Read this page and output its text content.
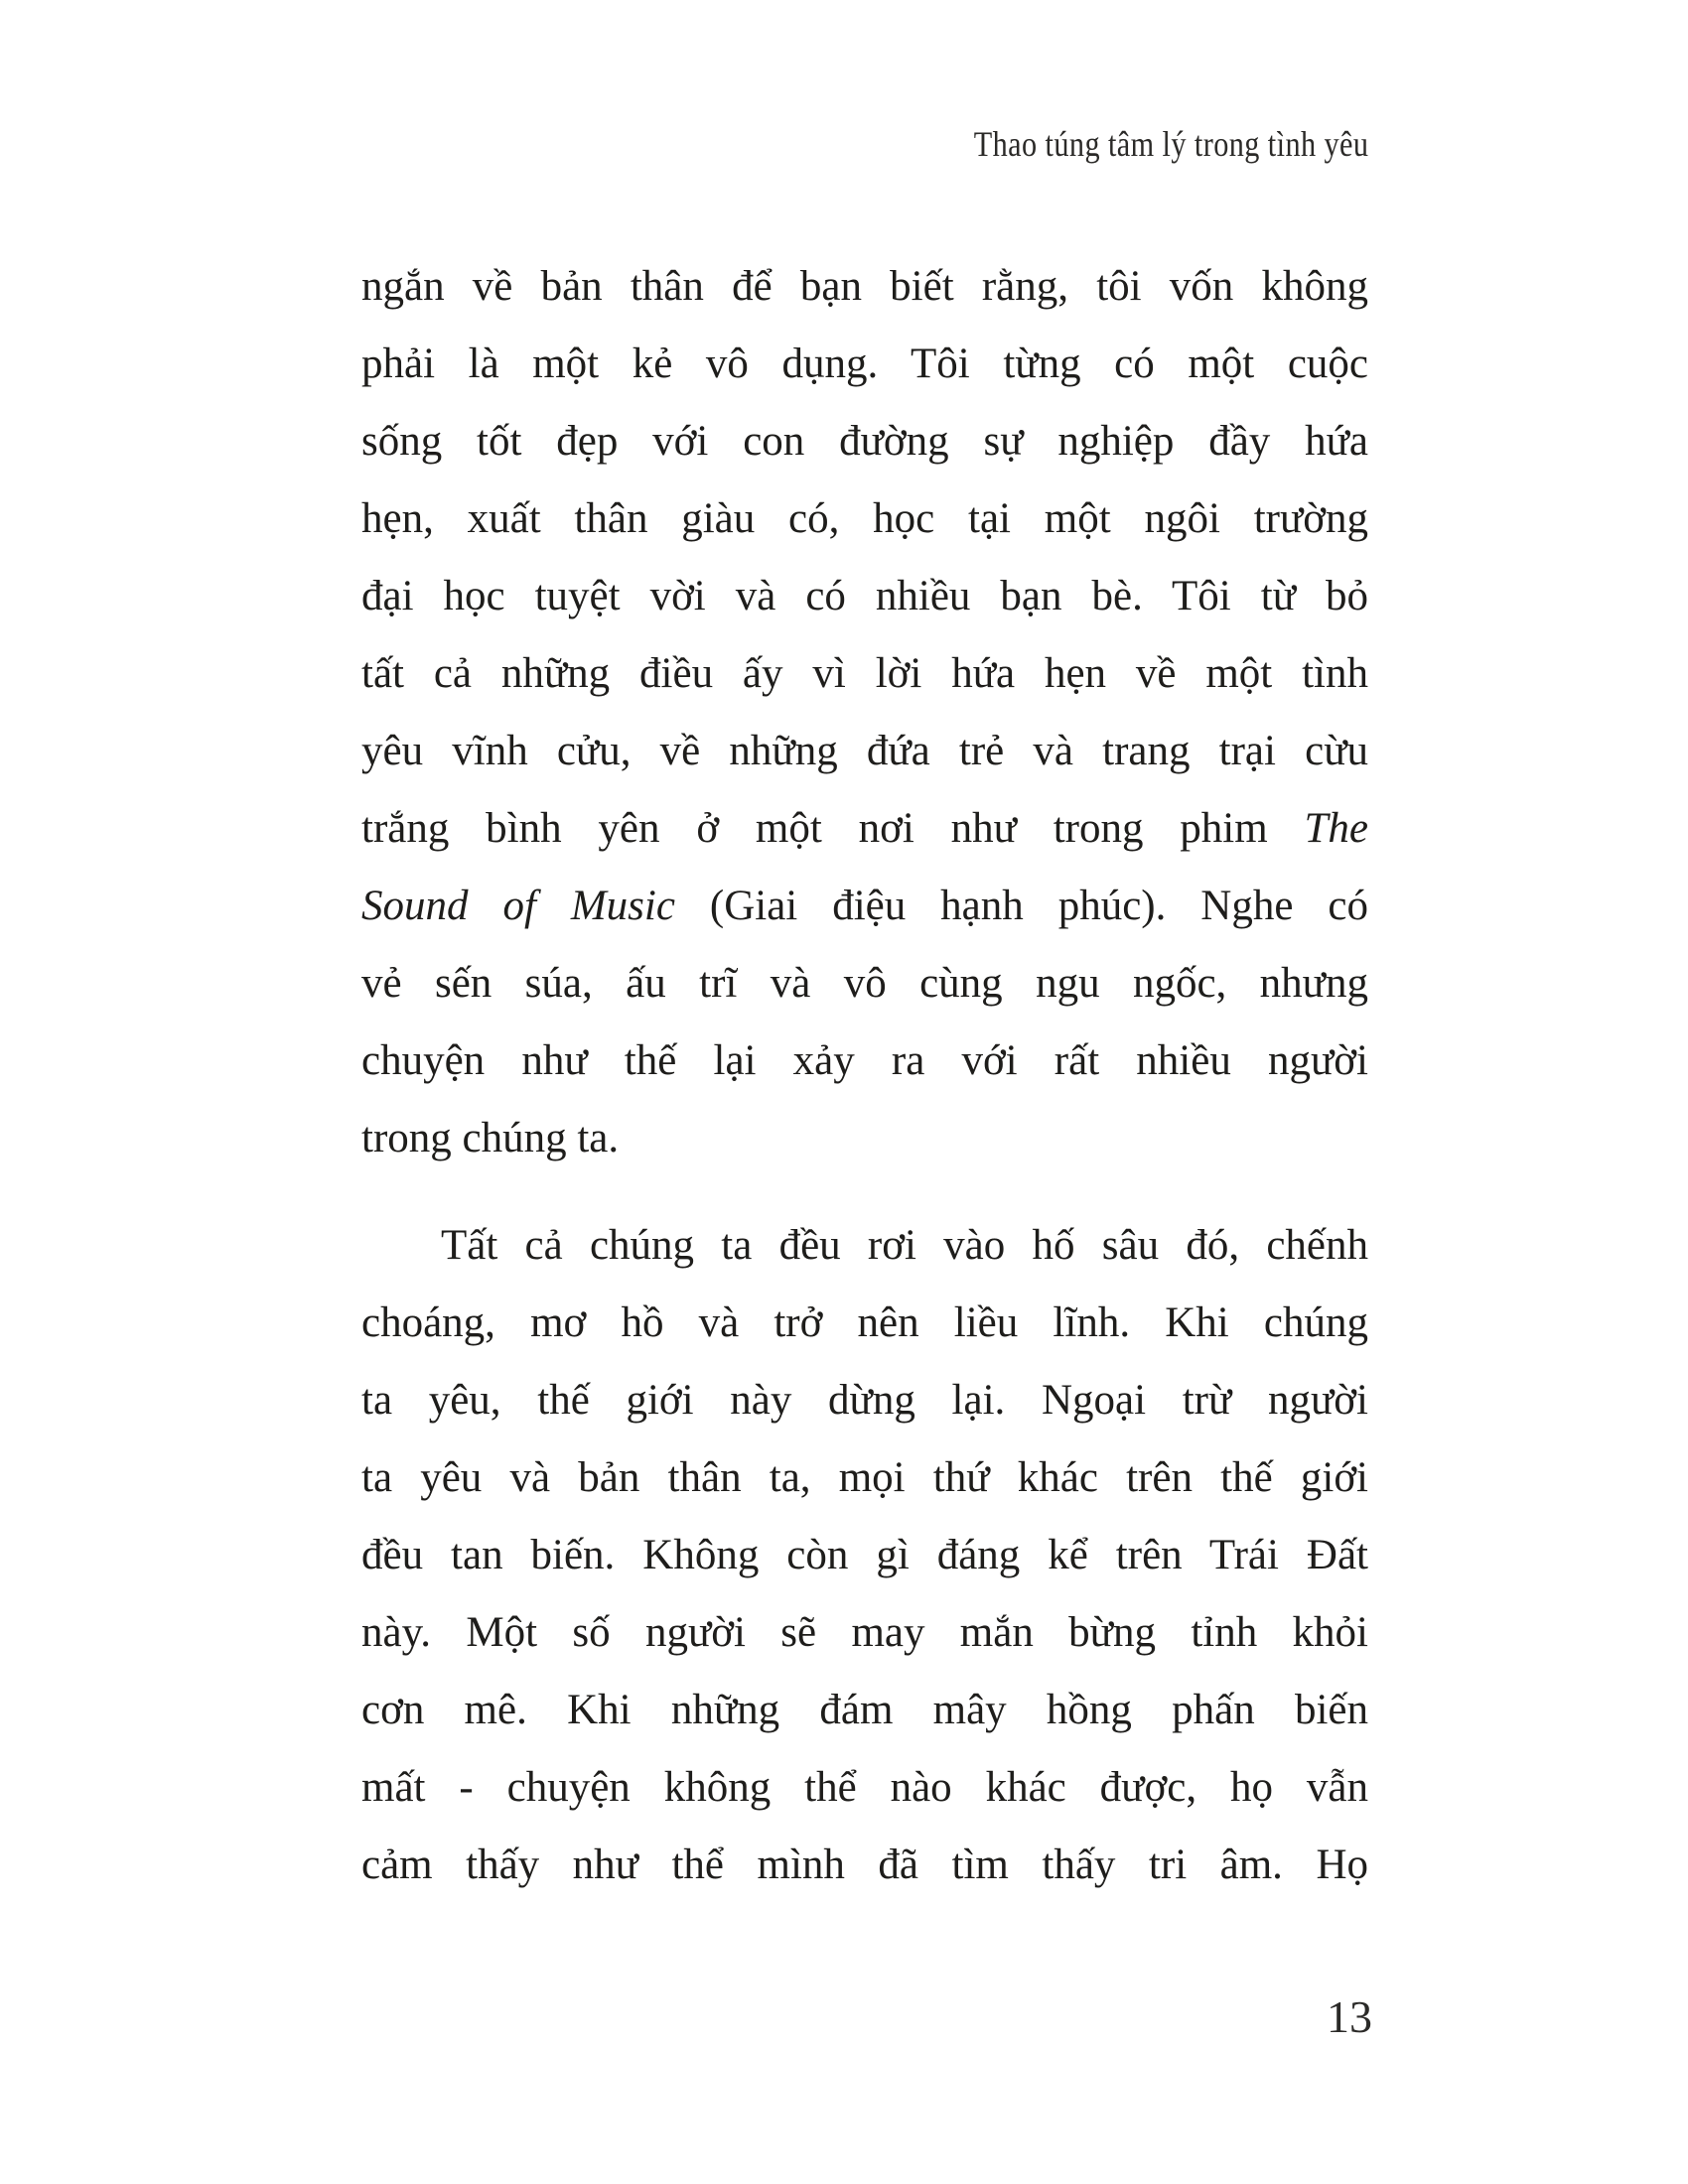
Thao túng tâm lý trong tình yêu
ngắn về bản thân để bạn biết rằng, tôi vốn không
phải là một kẻ vô dụng. Tôi từng có một cuộc
sống tốt đẹp với con đường sự nghiệp đầy hứa
hẹn, xuất thân giàu có, học tại một ngôi trường
đại học tuyệt vời và có nhiều bạn bè. Tôi từ bỏ
tất cả những điều ấy vì lời hứa hẹn về một tình
yêu vĩnh cửu, về những đứa trẻ và trang trại cừu
trắng bình yên ở một nơi như trong phim The
Sound of Music (Giai điệu hạnh phúc). Nghe có
vẻ sến súa, ấu trĩ và vô cùng ngu ngốc, nhưng
chuyện như thế lại xảy ra với rất nhiều người
trong chúng ta.
Tất cả chúng ta đều rơi vào hố sâu đó, chếnh
choáng, mơ hồ và trở nên liều lĩnh. Khi chúng
ta yêu, thế giới này dừng lại. Ngoại trừ người
ta yêu và bản thân ta, mọi thứ khác trên thế giới
đều tan biến. Không còn gì đáng kể trên Trái Đất
này. Một số người sẽ may mắn bừng tỉnh khỏi
cơn mê. Khi những đám mây hồng phấn biến
mất - chuyện không thể nào khác được, họ vẫn
cảm thấy như thể mình đã tìm thấy tri âm. Họ
13
